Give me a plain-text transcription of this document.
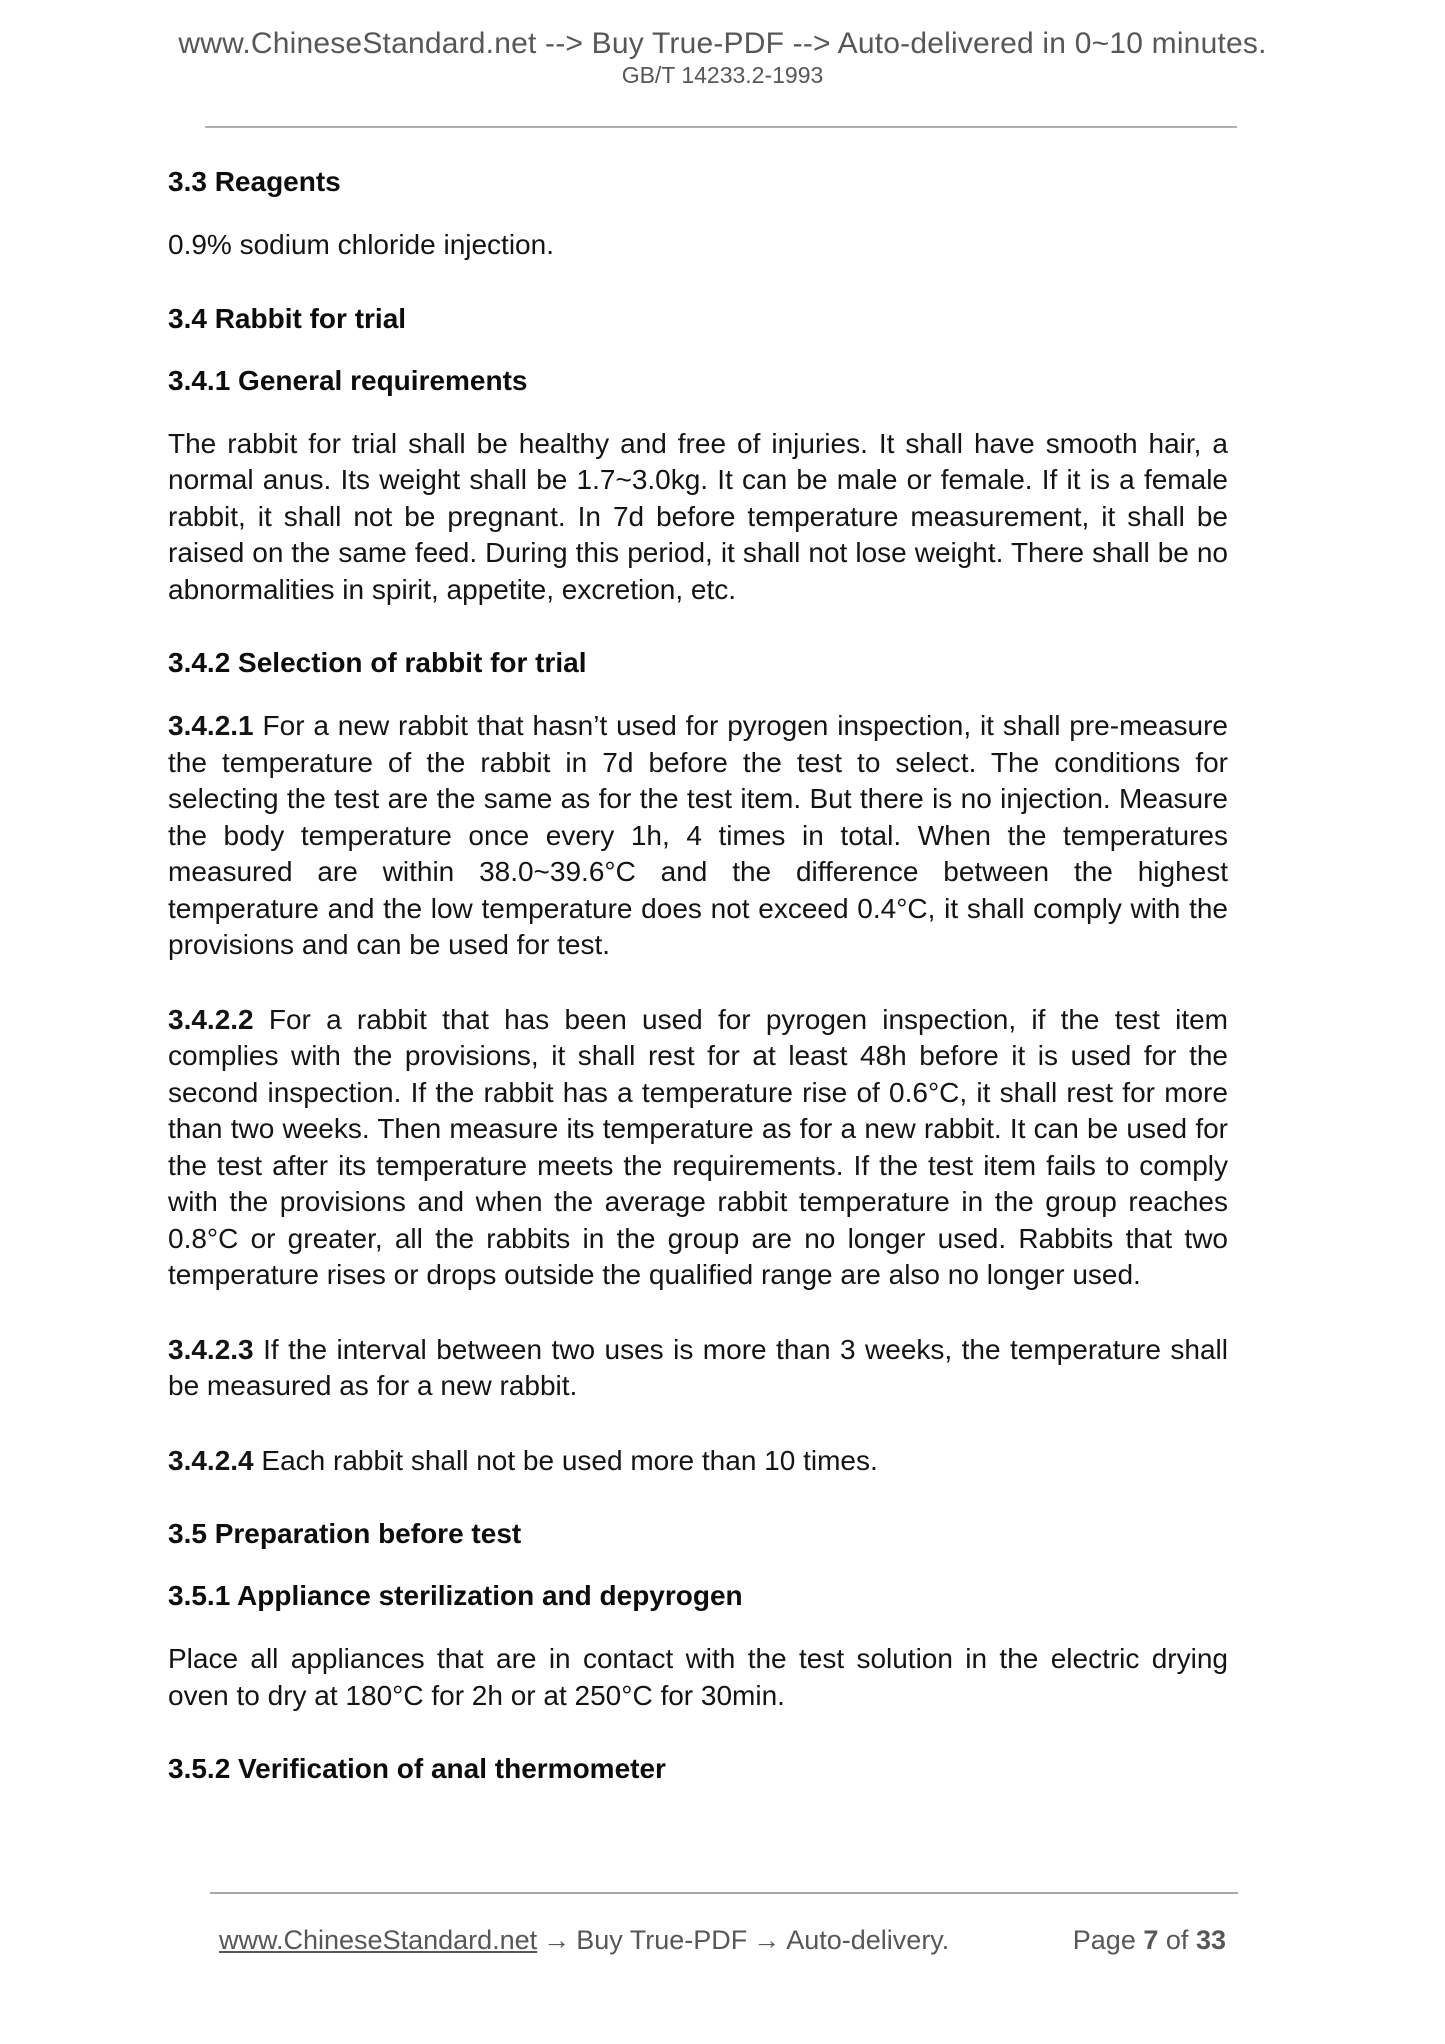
www.ChineseStandard.net --> Buy True-PDF --> Auto-delivered in 0~10 minutes.
GB/T 14233.2-1993
3.3 Reagents

0.9% sodium chloride injection.

3.4 Rabbit for trial
3.4.1 General requirements

The rabbit for trial shall be healthy and free of injuries. It shall have smooth hair, a normal anus. Its weight shall be 1.7~3.0kg. It can be male or female. If it is a female rabbit, it shall not be pregnant. In 7d before temperature measurement, it shall be raised on the same feed. During this period, it shall not lose weight. There shall be no abnormalities in spirit, appetite, excretion, etc.

3.4.2 Selection of rabbit for trial

3.4.2.1 For a new rabbit that hasn’t used for pyrogen inspection, it shall pre-measure the temperature of the rabbit in 7d before the test to select. The conditions for selecting the test are the same as for the test item. But there is no injection. Measure the body temperature once every 1h, 4 times in total. When the temperatures measured are within 38.0~39.6°C and the difference between the highest temperature and the low temperature does not exceed 0.4°C, it shall comply with the provisions and can be used for test.

3.4.2.2 For a rabbit that has been used for pyrogen inspection, if the test item complies with the provisions, it shall rest for at least 48h before it is used for the second inspection. If the rabbit has a temperature rise of 0.6°C, it shall rest for more than two weeks. Then measure its temperature as for a new rabbit. It can be used for the test after its temperature meets the requirements. If the test item fails to comply with the provisions and when the average rabbit temperature in the group reaches 0.8°C or greater, all the rabbits in the group are no longer used. Rabbits that two temperature rises or drops outside the qualified range are also no longer used.

3.4.2.3 If the interval between two uses is more than 3 weeks, the temperature shall be measured as for a new rabbit.

3.4.2.4 Each rabbit shall not be used more than 10 times.

3.5 Preparation before test
3.5.1 Appliance sterilization and depyrogen

Place all appliances that are in contact with the test solution in the electric drying oven to dry at 180°C for 2h or at 250°C for 30min.

3.5.2 Verification of anal thermometer
www.ChineseStandard.net → Buy True-PDF → Auto-delivery.	Page 7 of 33
